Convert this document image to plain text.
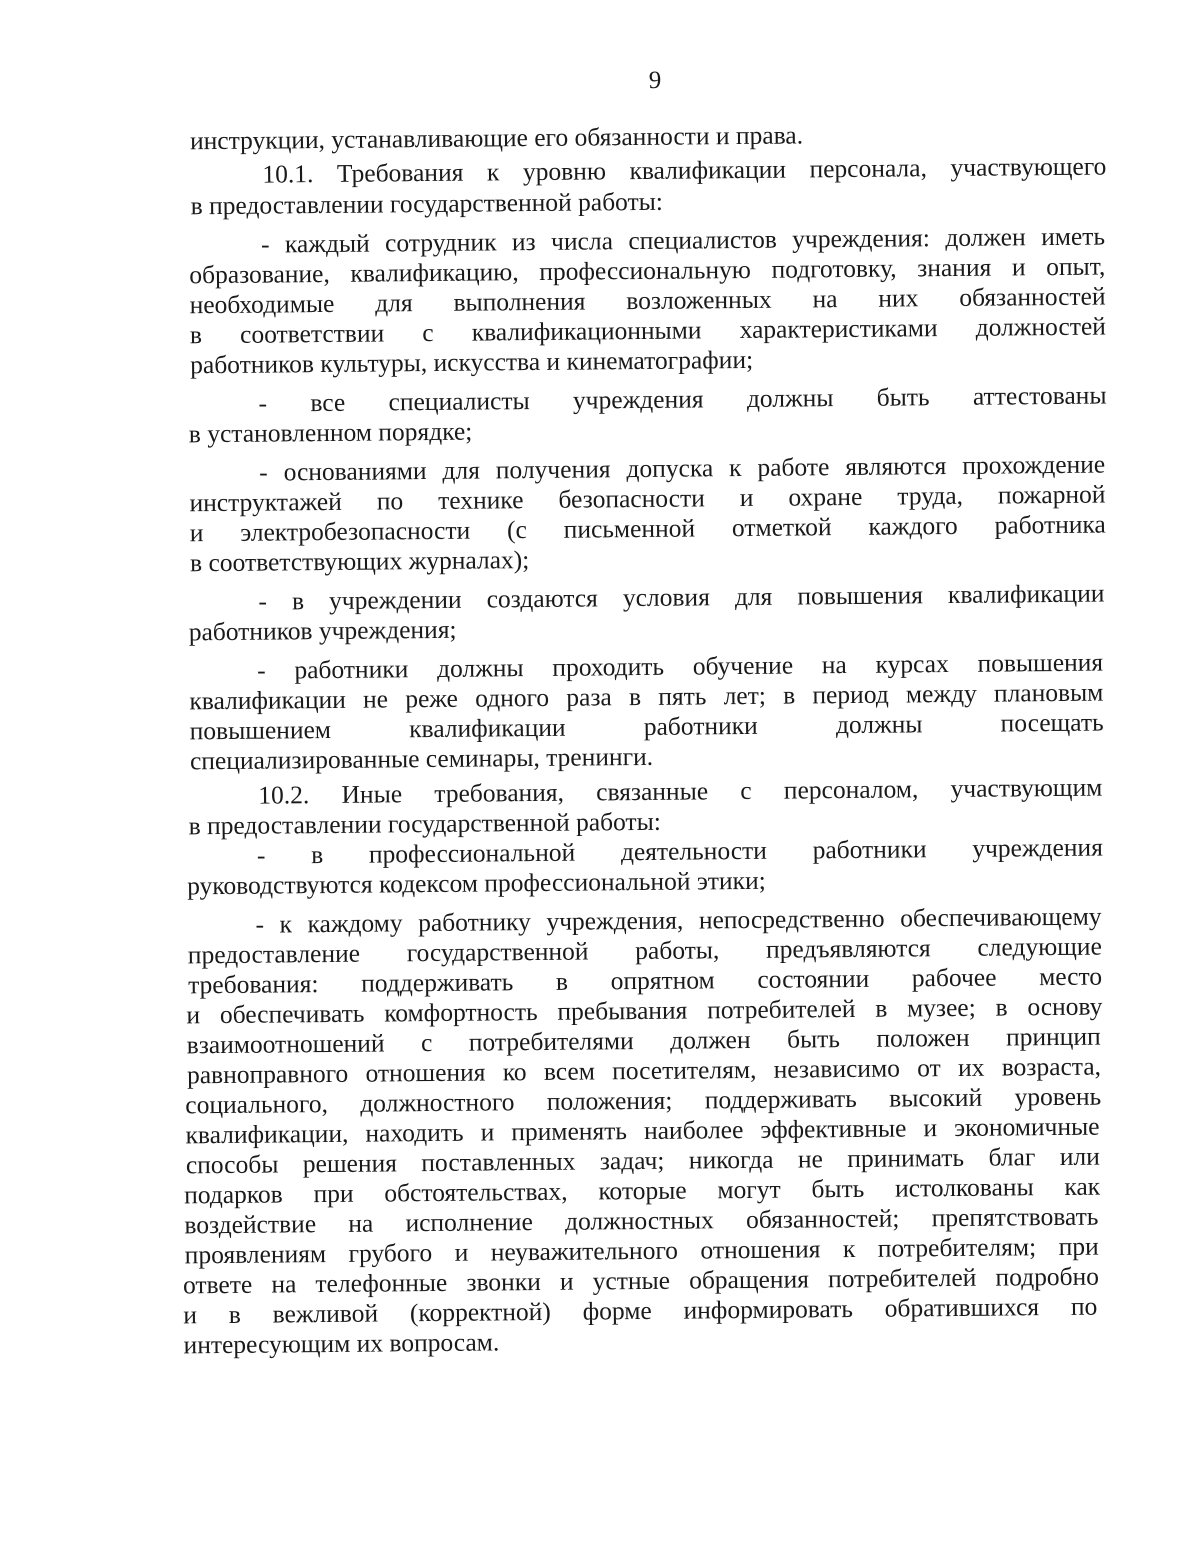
9
инструкции, устанавливающие его обязанности и права.
10.1. Требования к уровню квалификации персонала, участвующего
в предоставлении государственной работы:
- каждый сотрудник из числа специалистов учреждения: должен иметь
образование, квалификацию, профессиональную подготовку, знания и опыт,
необходимые для выполнения возложенных на них обязанностей
в соответствии с квалификационными характеристиками должностей
работников культуры, искусства и кинематографии;
- все специалисты учреждения должны быть аттестованы
в установленном порядке;
- основаниями для получения допуска к работе являются прохождение
инструктажей по технике безопасности и охране труда, пожарной
и электробезопасности (с письменной отметкой каждого работника
в соответствующих журналах);
- в учреждении создаются условия для повышения квалификации
работников учреждения;
- работники должны проходить обучение на курсах повышения
квалификации не реже одного раза в пять лет; в период между плановым
повышением квалификации работники должны посещать
специализированные семинары, тренинги.
10.2. Иные требования, связанные с персоналом, участвующим
в предоставлении государственной работы:
- в профессиональной деятельности работники учреждения
руководствуются кодексом профессиональной этики;
- к каждому работнику учреждения, непосредственно обеспечивающему
предоставление государственной работы, предъявляются следующие
требования: поддерживать в опрятном состоянии рабочее место
и обеспечивать комфортность пребывания потребителей в музее; в основу
взаимоотношений с потребителями должен быть положен принцип
равноправного отношения ко всем посетителям, независимо от их возраста,
социального, должностного положения; поддерживать высокий уровень
квалификации, находить и применять наиболее эффективные и экономичные
способы решения поставленных задач; никогда не принимать благ или
подарков при обстоятельствах, которые могут быть истолкованы как
воздействие на исполнение должностных обязанностей; препятствовать
проявлениям грубого и неуважительного отношения к потребителям; при
ответе на телефонные звонки и устные обращения потребителей подробно
и в вежливой (корректной) форме информировать обратившихся по
интересующим их вопросам.
